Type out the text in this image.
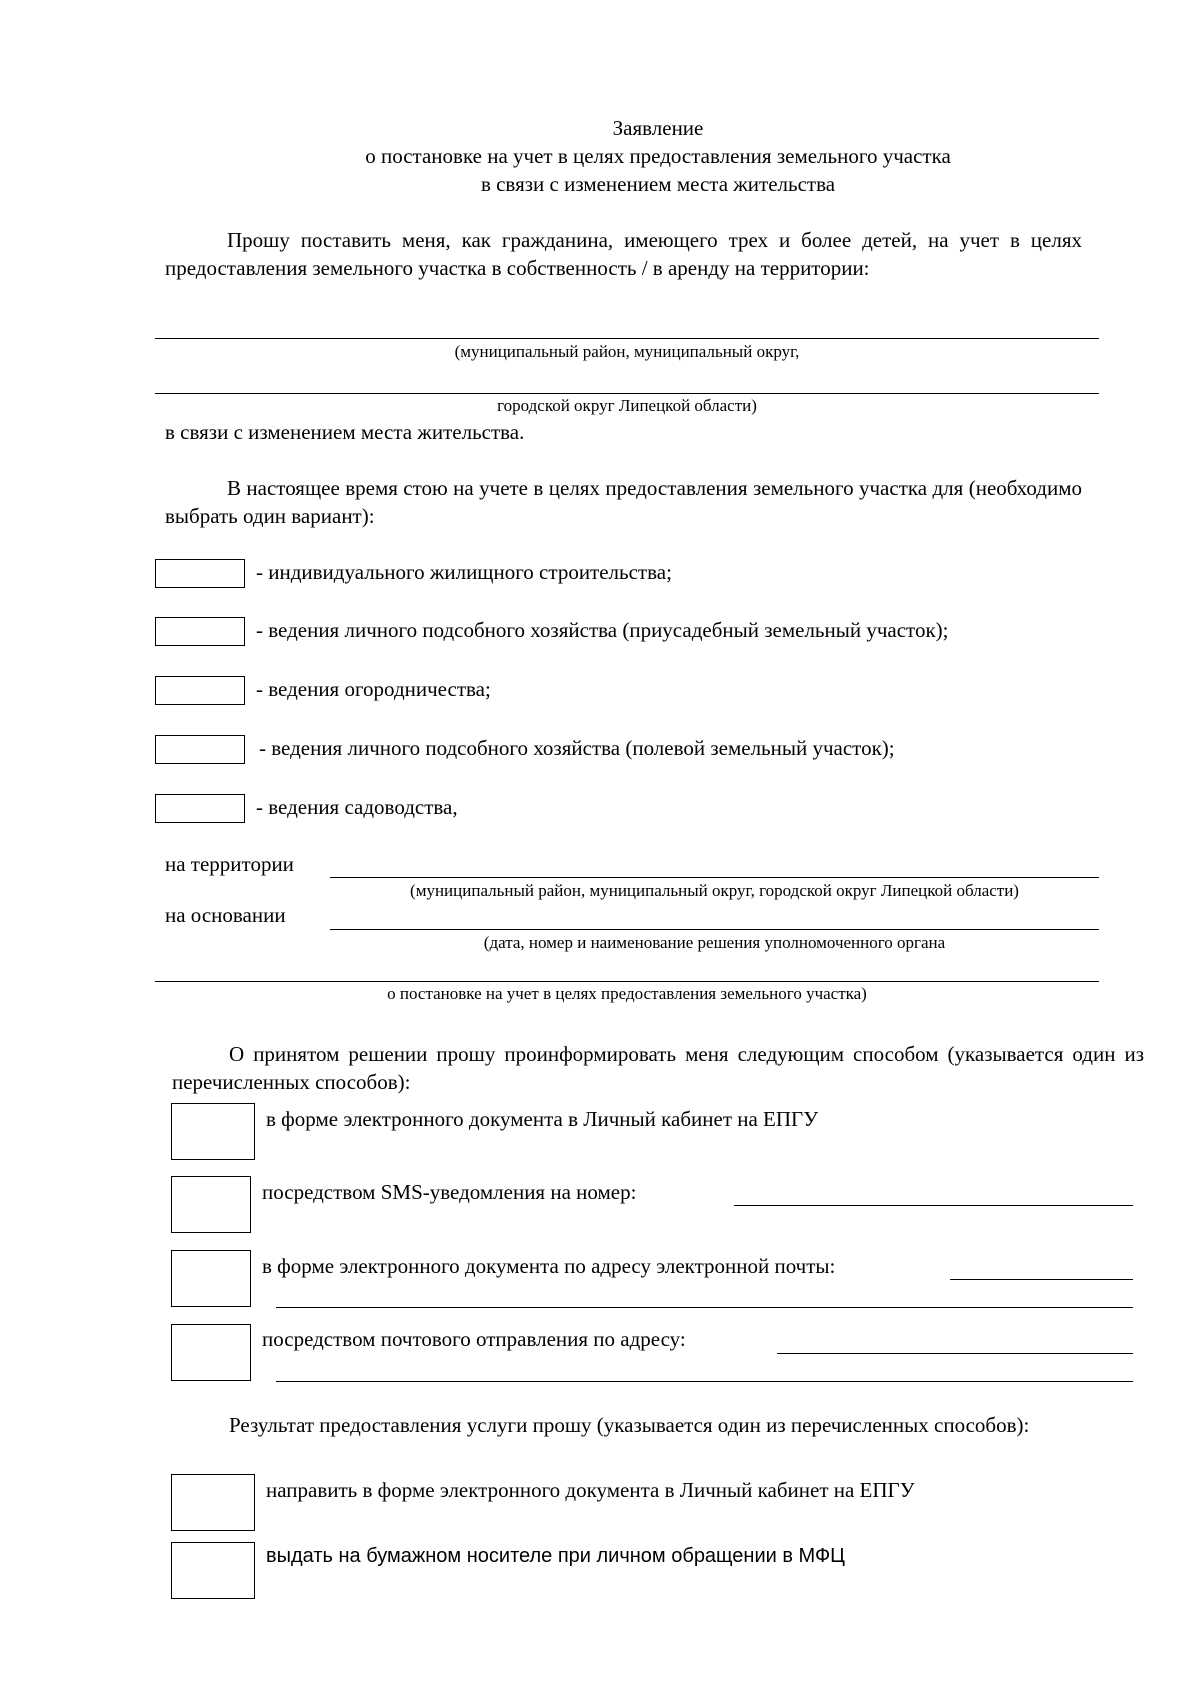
Заявление
о постановке на учет в целях предоставления земельного участка
в связи с изменением места жительства
Прошу поставить меня, как гражданина, имеющего трех и более детей, на учет в целях предоставления земельного участка в собственность / в аренду на территории:
(муниципальный район, муниципальный округ,
городской округ Липецкой области)
в связи с изменением места жительства.
В настоящее время стою на учете в целях предоставления земельного участка для (необходимо выбрать один вариант):
- индивидуального жилищного строительства;
- ведения личного подсобного хозяйства (приусадебный земельный участок);
- ведения огородничества;
- ведения личного подсобного хозяйства (полевой земельный участок);
- ведения садоводства,
на территории
(муниципальный район, муниципальный округ, городской округ Липецкой области)
на основании
(дата, номер и наименование решения уполномоченного органа
о постановке на учет в целях предоставления земельного участка)
О принятом решении прошу проинформировать меня следующим способом (указывается один из перечисленных способов):
в форме электронного документа в Личный кабинет на ЕПГУ
посредством SMS-уведомления на номер:
в форме электронного документа по адресу электронной почты:
посредством почтового отправления по адресу:
Результат предоставления услуги прошу (указывается один из перечисленных способов):
направить в форме электронного документа в Личный кабинет на ЕПГУ
выдать на бумажном носителе при личном обращении в МФЦ
